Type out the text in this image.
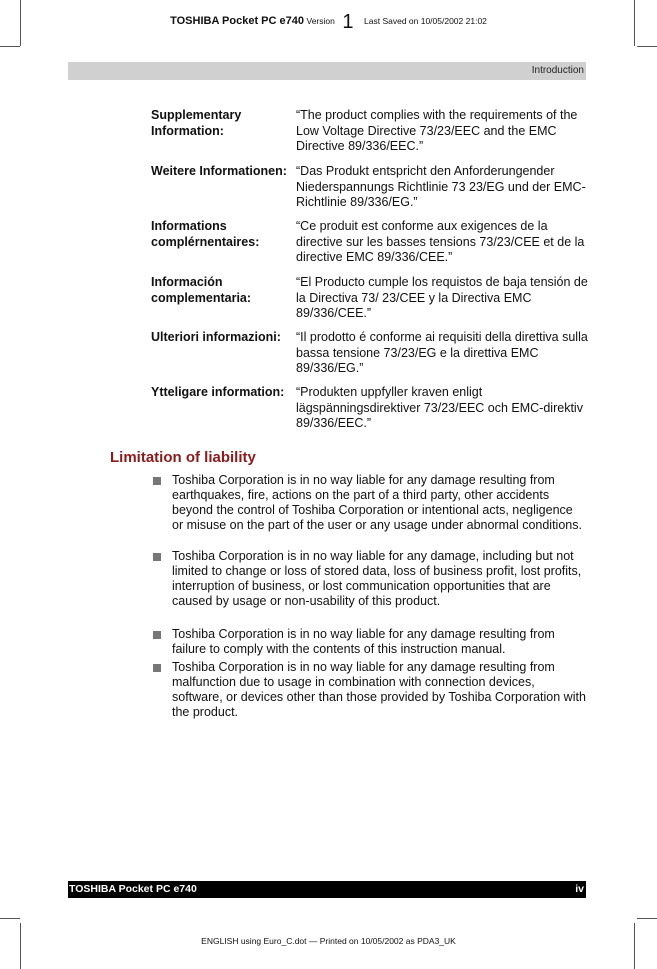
TOSHIBA Pocket PC e740 Version 1 Last Saved on 10/05/2002 21:02
Introduction
Supplementary Information:
“The product complies with the requirements of the Low Voltage Directive 73/23/EEC and the EMC Directive 89/336/EEC.”
Weitere Informationen: “Das Produkt entspricht den Anforderungender Niederspannungs Richtlinie 73 23/EG und der EMC-Richtlinie 89/336/EG.”
Informations complérnentaires:
“Ce produit est conforme aux exigences de la directive sur les basses tensions 73/23/CEE et de la directive EMC 89/336/CEE.”
Información complementaria:
“El Producto cumple los requistos de baja tensión de la Directiva 73/ 23/CEE y la Directiva EMC 89/336/CEE.”
Ulteriori informazioni:	“Il prodotto é conforme ai requisiti della direttiva sulla bassa tensione 73/23/EG e la direttiva EMC 89/336/EG.”
Ytteligare information: “Produkten uppfyller kraven enligt lägspänningsdirektiver 73/23/EEC och EMC-direktiv 89/336/EEC.”
Limitation of liability
Toshiba Corporation is in no way liable for any damage resulting from earthquakes, fire, actions on the part of a third party, other accidents beyond the control of Toshiba Corporation or intentional acts, negligence or misuse on the part of the user or any usage under abnormal conditions.
Toshiba Corporation is in no way liable for any damage, including but not limited to change or loss of stored data, loss of business profit, lost profits, interruption of business, or lost communication opportunities that are caused by usage or non-usability of this product.
Toshiba Corporation is in no way liable for any damage resulting from failure to comply with the contents of this instruction manual.
Toshiba Corporation is in no way liable for any damage resulting from malfunction due to usage in combination with connection devices, software, or devices other than those provided by Toshiba Corporation with the product.
TOSHIBA Pocket PC e740	iv
ENGLISH using Euro_C.dot — Printed on 10/05/2002 as PDA3_UK
